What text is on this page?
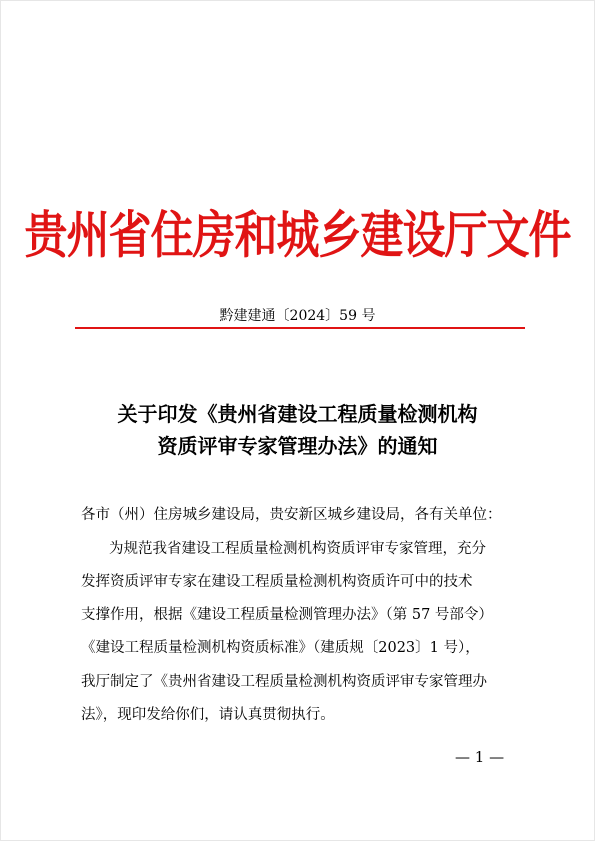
贵州省住房和城乡建设厅文件
黔建建通〔2024〕59 号
关于印发《贵州省建设工程质量检测机构
资质评审专家管理办法》的通知
各市（州）住房城乡建设局，贵安新区城乡建设局，各有关单位：
为规范我省建设工程质量检测机构资质评审专家管理，充分
发挥资质评审专家在建设工程质量检测机构资质许可中的技术
支撑作用，根据《建设工程质量检测管理办法》（第 57 号部令）
《建设工程质量检测机构资质标准》（建质规〔2023〕1 号），
我厅制定了《贵州省建设工程质量检测机构资质评审专家管理办
法》，现印发给你们，请认真贯彻执行。
— 1 —
